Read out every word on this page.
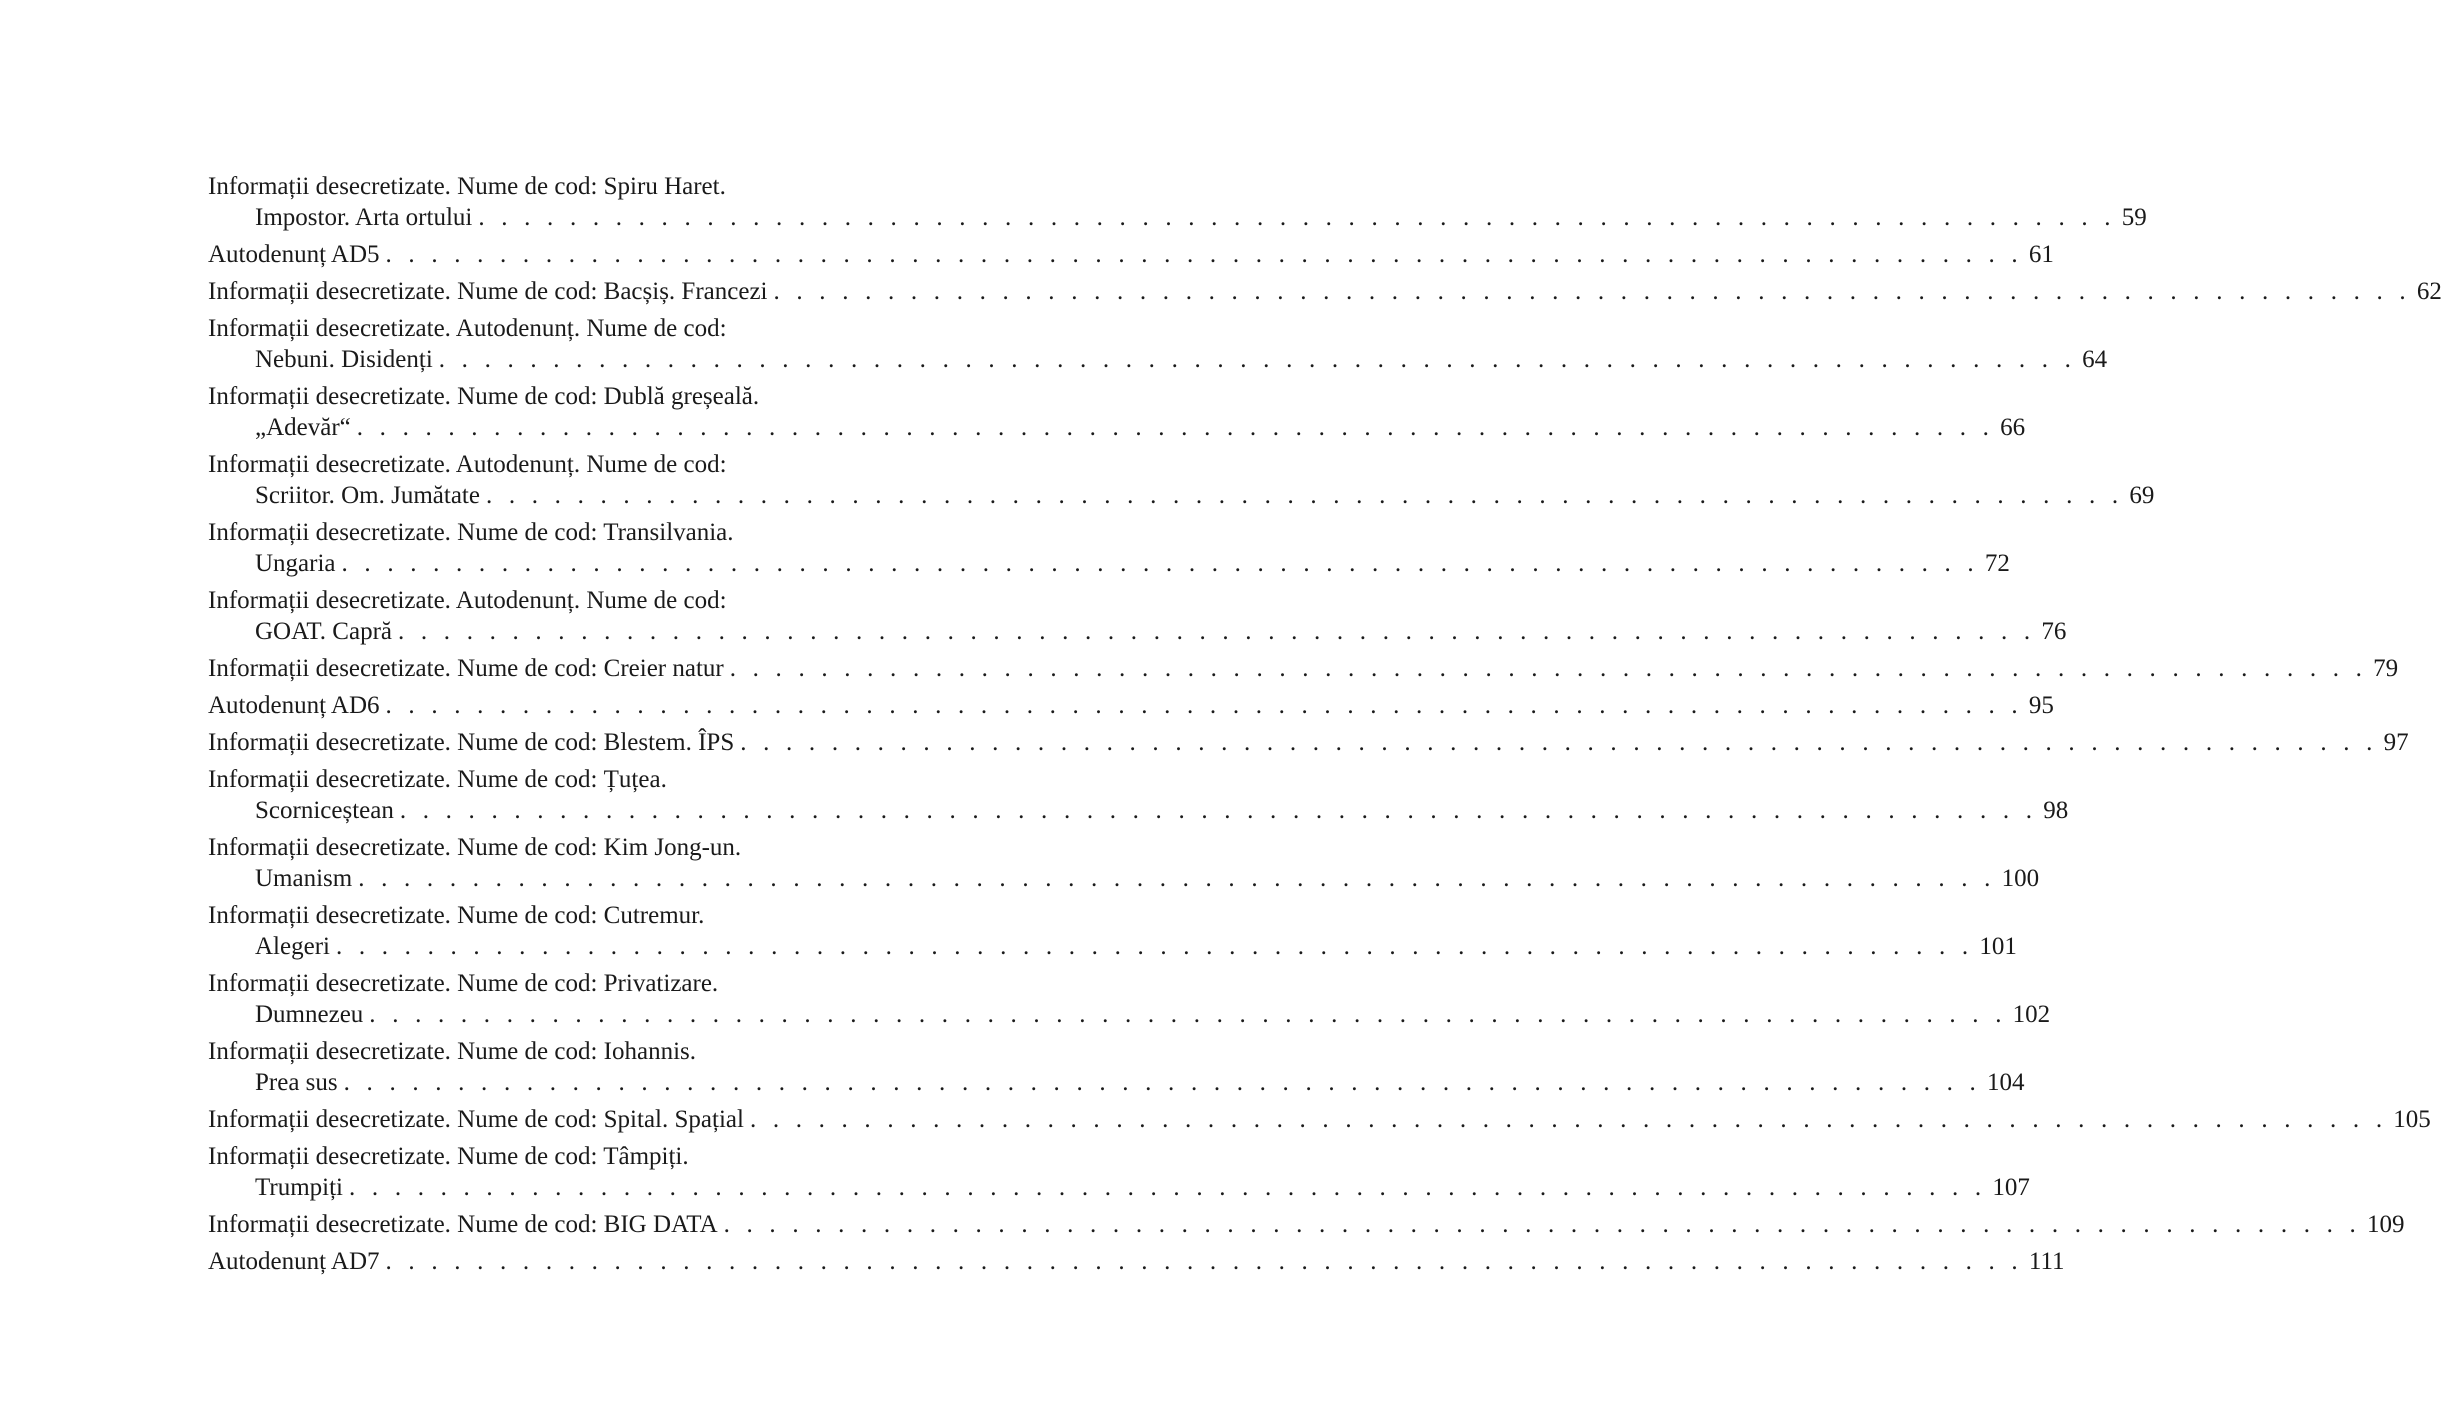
Informații desecretizate. Nume de cod: Spiru Haret.
Impostor. Arta ortului . . . . . . . . . . . . . . . . . . . . . . . . . . . . . . . . . . . . . . . . . . . . . . . . . . . . . . . . . . . . . . . . . . . . . . . . 59
Autodenunț AD5 . . . . . . . . . . . . . . . . . . . . . . . . . . . . . . . . . . . . . . . . . . . . . . . . . . . . . . . . . . . . . . . . . . . . . . . . 61
Informații desecretizate. Nume de cod: Bacșiș. Francezi . . . . . . . . . . . . . . . . . . . . . . . . . . . . . . . . . . . . . . . . . . . . . . . . . . . . . . . . . . . . . . . . . . . . . . . . 62
Informații desecretizate. Autodenunț. Nume de cod:
Nebuni. Disidenți . . . . . . . . . . . . . . . . . . . . . . . . . . . . . . . . . . . . . . . . . . . . . . . . . . . . . . . . . . . . . . . . . . . . . . . . 64
Informații desecretizate. Nume de cod: Dublă greșeală.
„Adevăr“ . . . . . . . . . . . . . . . . . . . . . . . . . . . . . . . . . . . . . . . . . . . . . . . . . . . . . . . . . . . . . . . . . . . . . . . . 66
Informații desecretizate. Autodenunț. Nume de cod:
Scriitor. Om. Jumătate . . . . . . . . . . . . . . . . . . . . . . . . . . . . . . . . . . . . . . . . . . . . . . . . . . . . . . . . . . . . . . . . . . . . . . . . 69
Informații desecretizate. Nume de cod: Transilvania.
Ungaria . . . . . . . . . . . . . . . . . . . . . . . . . . . . . . . . . . . . . . . . . . . . . . . . . . . . . . . . . . . . . . . . . . . . . . . . 72
Informații desecretizate. Autodenunț. Nume de cod:
GOAT. Capră . . . . . . . . . . . . . . . . . . . . . . . . . . . . . . . . . . . . . . . . . . . . . . . . . . . . . . . . . . . . . . . . . . . . . . . . 76
Informații desecretizate. Nume de cod: Creier natur . . . . . . . . . . . . . . . . . . . . . . . . . . . . . . . . . . . . . . . . . . . . . . . . . . . . . . . . . . . . . . . . . . . . . . . . 79
Autodenunț AD6 . . . . . . . . . . . . . . . . . . . . . . . . . . . . . . . . . . . . . . . . . . . . . . . . . . . . . . . . . . . . . . . . . . . . . . . . 95
Informații desecretizate. Nume de cod: Blestem. ÎPS . . . . . . . . . . . . . . . . . . . . . . . . . . . . . . . . . . . . . . . . . . . . . . . . . . . . . . . . . . . . . . . . . . . . . . . . 97
Informații desecretizate. Nume de cod: Țuțea.
Scorniceștean . . . . . . . . . . . . . . . . . . . . . . . . . . . . . . . . . . . . . . . . . . . . . . . . . . . . . . . . . . . . . . . . . . . . . . . . 98
Informații desecretizate. Nume de cod: Kim Jong-un.
Umanism . . . . . . . . . . . . . . . . . . . . . . . . . . . . . . . . . . . . . . . . . . . . . . . . . . . . . . . . . . . . . . . . . . . . . . . . 100
Informații desecretizate. Nume de cod: Cutremur.
Alegeri . . . . . . . . . . . . . . . . . . . . . . . . . . . . . . . . . . . . . . . . . . . . . . . . . . . . . . . . . . . . . . . . . . . . . . . . 101
Informații desecretizate. Nume de cod: Privatizare.
Dumnezeu . . . . . . . . . . . . . . . . . . . . . . . . . . . . . . . . . . . . . . . . . . . . . . . . . . . . . . . . . . . . . . . . . . . . . . . . 102
Informații desecretizate. Nume de cod: Iohannis.
Prea sus . . . . . . . . . . . . . . . . . . . . . . . . . . . . . . . . . . . . . . . . . . . . . . . . . . . . . . . . . . . . . . . . . . . . . . . . 104
Informații desecretizate. Nume de cod: Spital. Spațial . . . . . . . . . . . . . . . . . . . . . . . . . . . . . . . . . . . . . . . . . . . . . . . . . . . . . . . . . . . . . . . . . . . . . . . . 105
Informații desecretizate. Nume de cod: Tâmpiți.
Trumpiți . . . . . . . . . . . . . . . . . . . . . . . . . . . . . . . . . . . . . . . . . . . . . . . . . . . . . . . . . . . . . . . . . . . . . . . . 107
Informații desecretizate. Nume de cod: BIG DATA . . . . . . . . . . . . . . . . . . . . . . . . . . . . . . . . . . . . . . . . . . . . . . . . . . . . . . . . . . . . . . . . . . . . . . . . 109
Autodenunț AD7 . . . . . . . . . . . . . . . . . . . . . . . . . . . . . . . . . . . . . . . . . . . . . . . . . . . . . . . . . . . . . . . . . . . . . . . . 111
